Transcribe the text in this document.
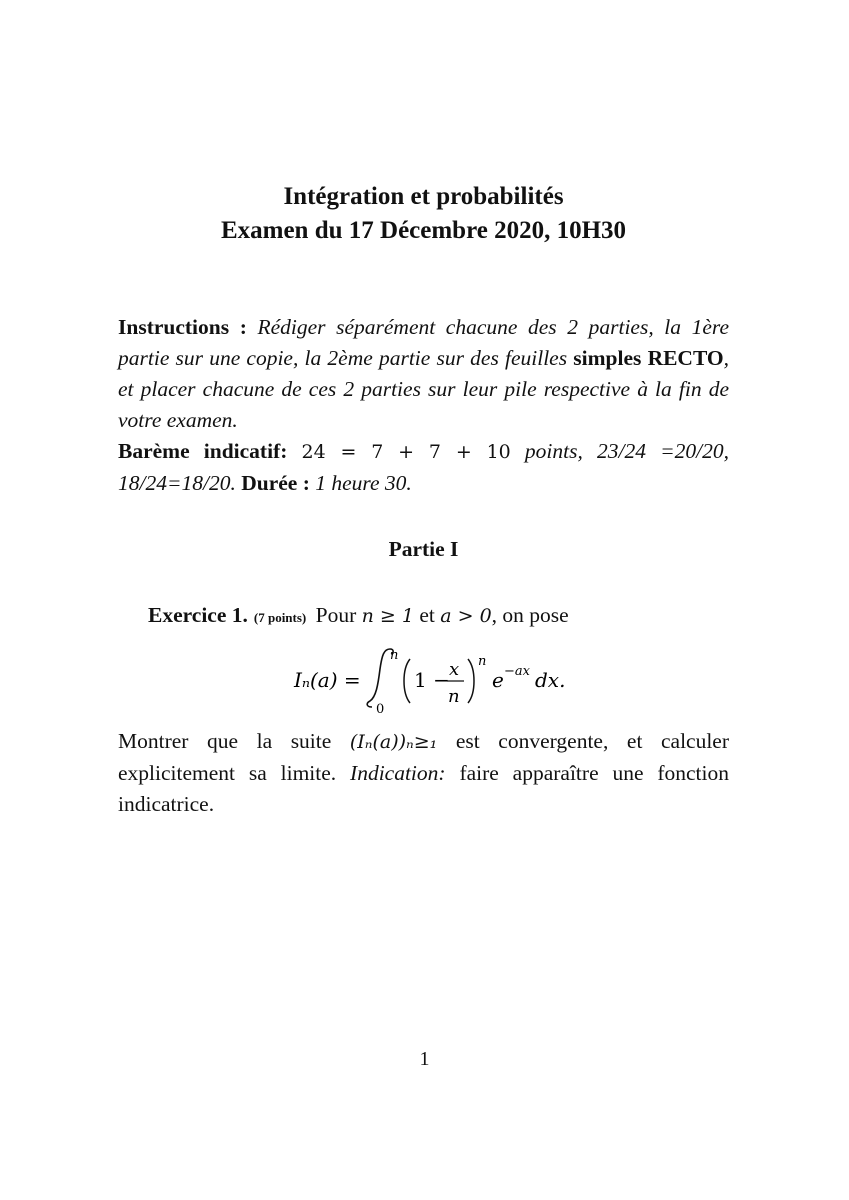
Intégration et probabilités
Examen du 17 Décembre 2020, 10H30
Instructions : Rédiger séparément chacune des 2 parties, la 1ère partie sur une copie, la 2ème partie sur des feuilles simples RECTO, et placer chacune de ces 2 parties sur leur pile respective à la fin de votre examen.
Barème indicatif: 24 = 7 + 7 + 10 points, 23/24 =20/20, 18/24=18/20. Durée : 1 heure 30.
Partie I
Exercice 1. (7 points) Pour n ≥ 1 et a > 0, on pose
Iₙ(a) =
n
0
1 − x
n
n
e −ax dx.
Montrer que la suite (Iₙ(a))ₙ≥₁ est convergente, et calculer explicitement sa limite. Indication: faire apparaître une fonction indicatrice.
1
